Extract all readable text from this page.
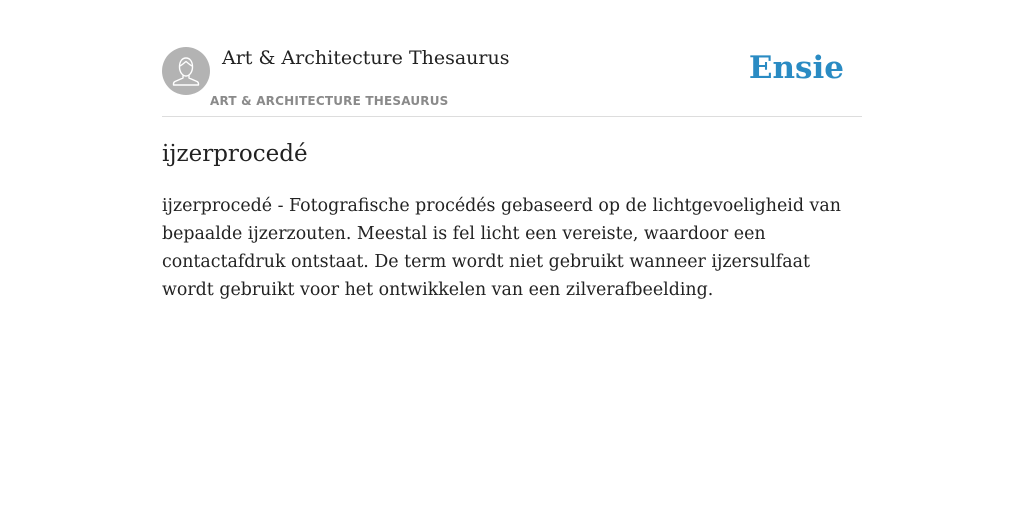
Art & Architecture Thesaurus
ART & ARCHITECTURE THESAURUS
Ensie
ijzerprocedé

ijzerprocedé - Fotografische procédés gebaseerd op de lichtgevoeligheid van bepaalde ijzerzouten. Meestal is fel licht een vereiste, waardoor een contactafdruk ontstaat. De term wordt niet gebruikt wanneer ijzersulfaat wordt gebruikt voor het ontwikkelen van een zilverafbeelding.
